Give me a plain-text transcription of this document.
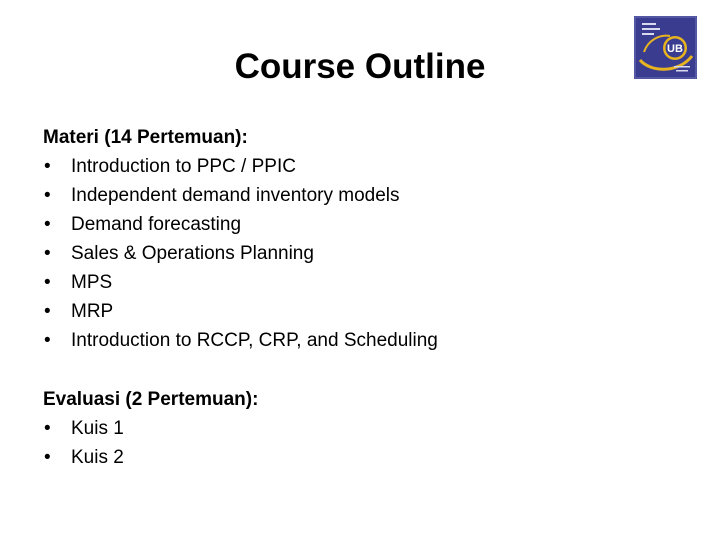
Course Outline	UB
Materi (14 Pertemuan):
• Introduction to PPC / PPIC
• Independent demand inventory models
• Demand forecasting
• Sales & Operations Planning
• MPS
• MRP
• Introduction to RCCP, CRP, and Scheduling
Evaluasi (2 Pertemuan):
• Kuis 1
• Kuis 2
